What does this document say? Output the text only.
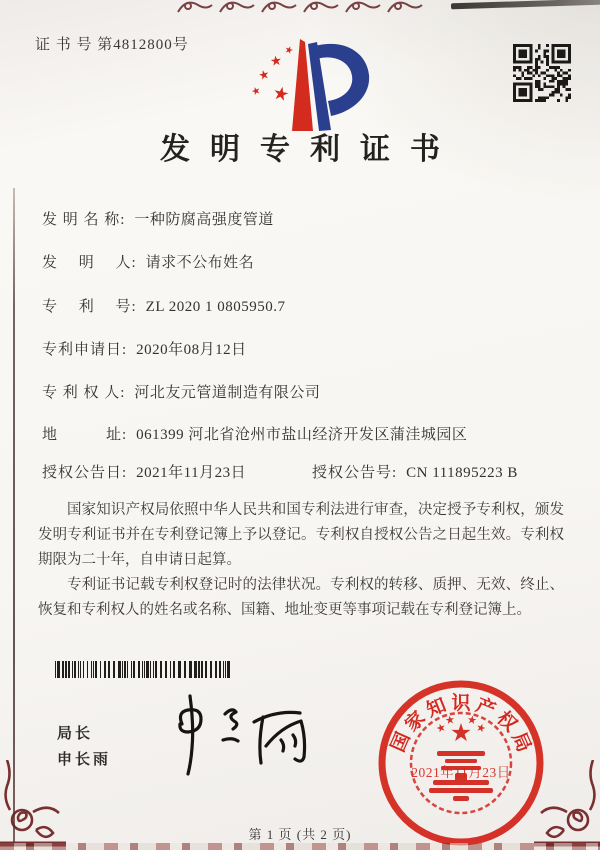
证 书 号 第4812800号
发明专利证书
发 明 名 称: 一种防腐高强度管道
发　 明　 人: 请求不公布姓名
专　 利　 号: ZL 2020 1 0805950.7
专利申请日: 2020年08月12日
专 利 权 人: 河北友元管道制造有限公司
地　　　址: 061399 河北省沧州市盐山经济开发区蒲洼城园区
授权公告日: 2021年11月23日	授权公告号: CN 111895223 B

国家知识产权局依照中华人民共和国专利法进行审查，决定授予专利权，颁发发明专利证书并在专利登记簿上予以登记。专利权自授权公告之日起生效。专利权期限为二十年，自申请日起算。

专利证书记载专利权登记时的法律状况。专利权的转移、质押、无效、终止、恢复和专利权人的姓名或名称、国籍、地址变更等事项记载在专利登记簿上。

局长
申长雨
2021年11月23日
国
家
知 识 产
权
局
第 1 页 (共 2 页)
